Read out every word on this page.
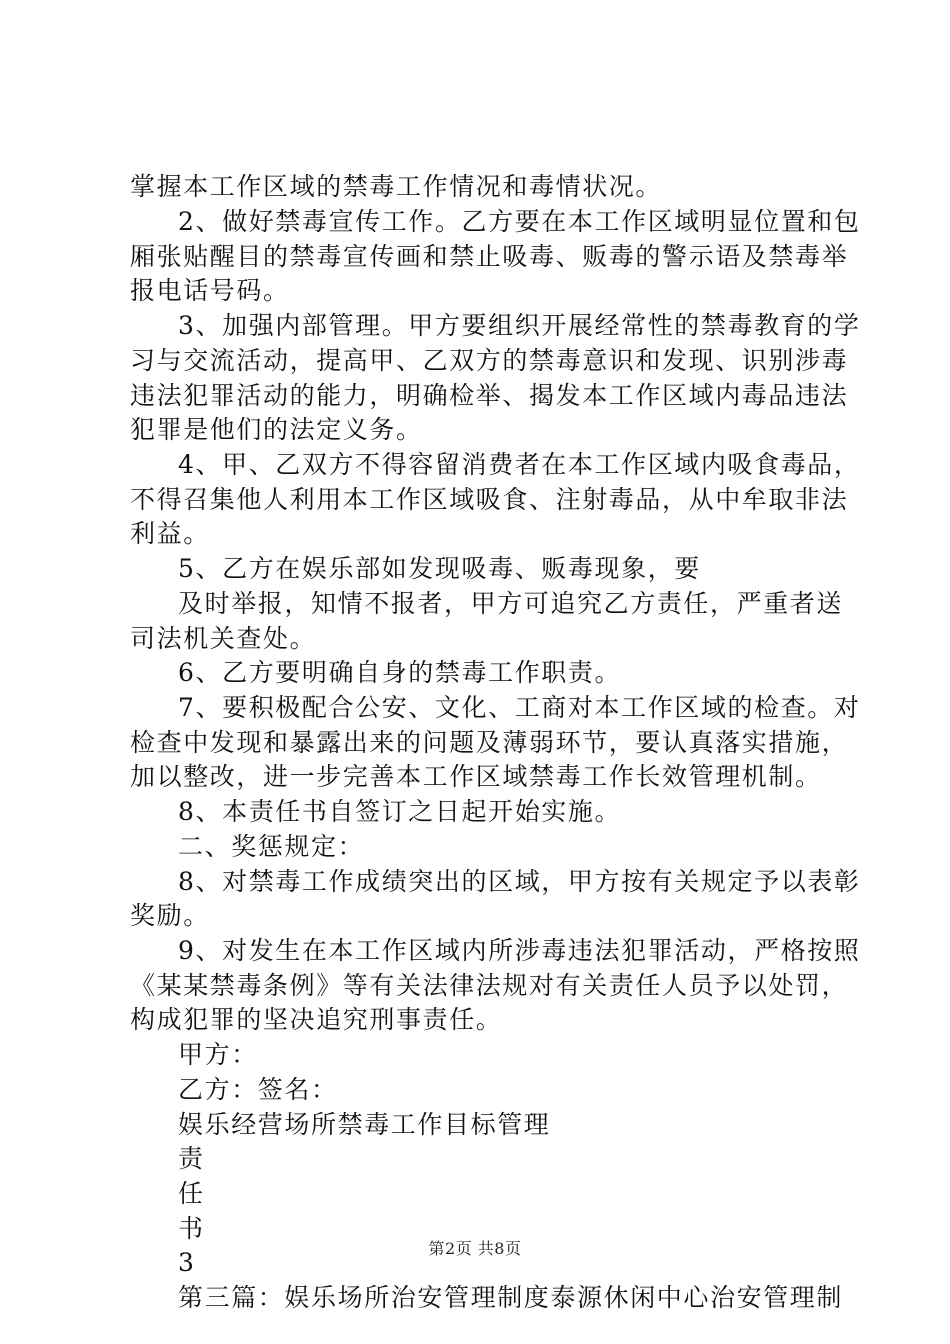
掌握本工作区域的禁毒工作情况和毒情状况。
2、做好禁毒宣传工作。乙方要在本工作区域明显位置和包
厢张贴醒目的禁毒宣传画和禁止吸毒、贩毒的警示语及禁毒举
报电话号码。
3、加强内部管理。甲方要组织开展经常性的禁毒教育的学
习与交流活动，提高甲、乙双方的禁毒意识和发现、识别涉毒
违法犯罪活动的能力，明确检举、揭发本工作区域内毒品违法
犯罪是他们的法定义务。
4、甲、乙双方不得容留消费者在本工作区域内吸食毒品，
不得召集他人利用本工作区域吸食、注射毒品，从中牟取非法
利益。
5、乙方在娱乐部如发现吸毒、贩毒现象，要
及时举报，知情不报者，甲方可追究乙方责任，严重者送
司法机关查处。
6、乙方要明确自身的禁毒工作职责。
7、要积极配合公安、文化、工商对本工作区域的检查。对
检查中发现和暴露出来的问题及薄弱环节，要认真落实措施，
加以整改，进一步完善本工作区域禁毒工作长效管理机制。
8、本责任书自签订之日起开始实施。
二、奖惩规定：
8、对禁毒工作成绩突出的区域，甲方按有关规定予以表彰
奖励。
9、对发生在本工作区域内所涉毒违法犯罪活动，严格按照
《某某禁毒条例》等有关法律法规对有关责任人员予以处罚，
构成犯罪的坚决追究刑事责任。
甲方：
乙方：签名：
娱乐经营场所禁毒工作目标管理
责
任
书
3
第三篇：娱乐场所治安管理制度泰源休闲中心治安管理制
第2页 共8页
